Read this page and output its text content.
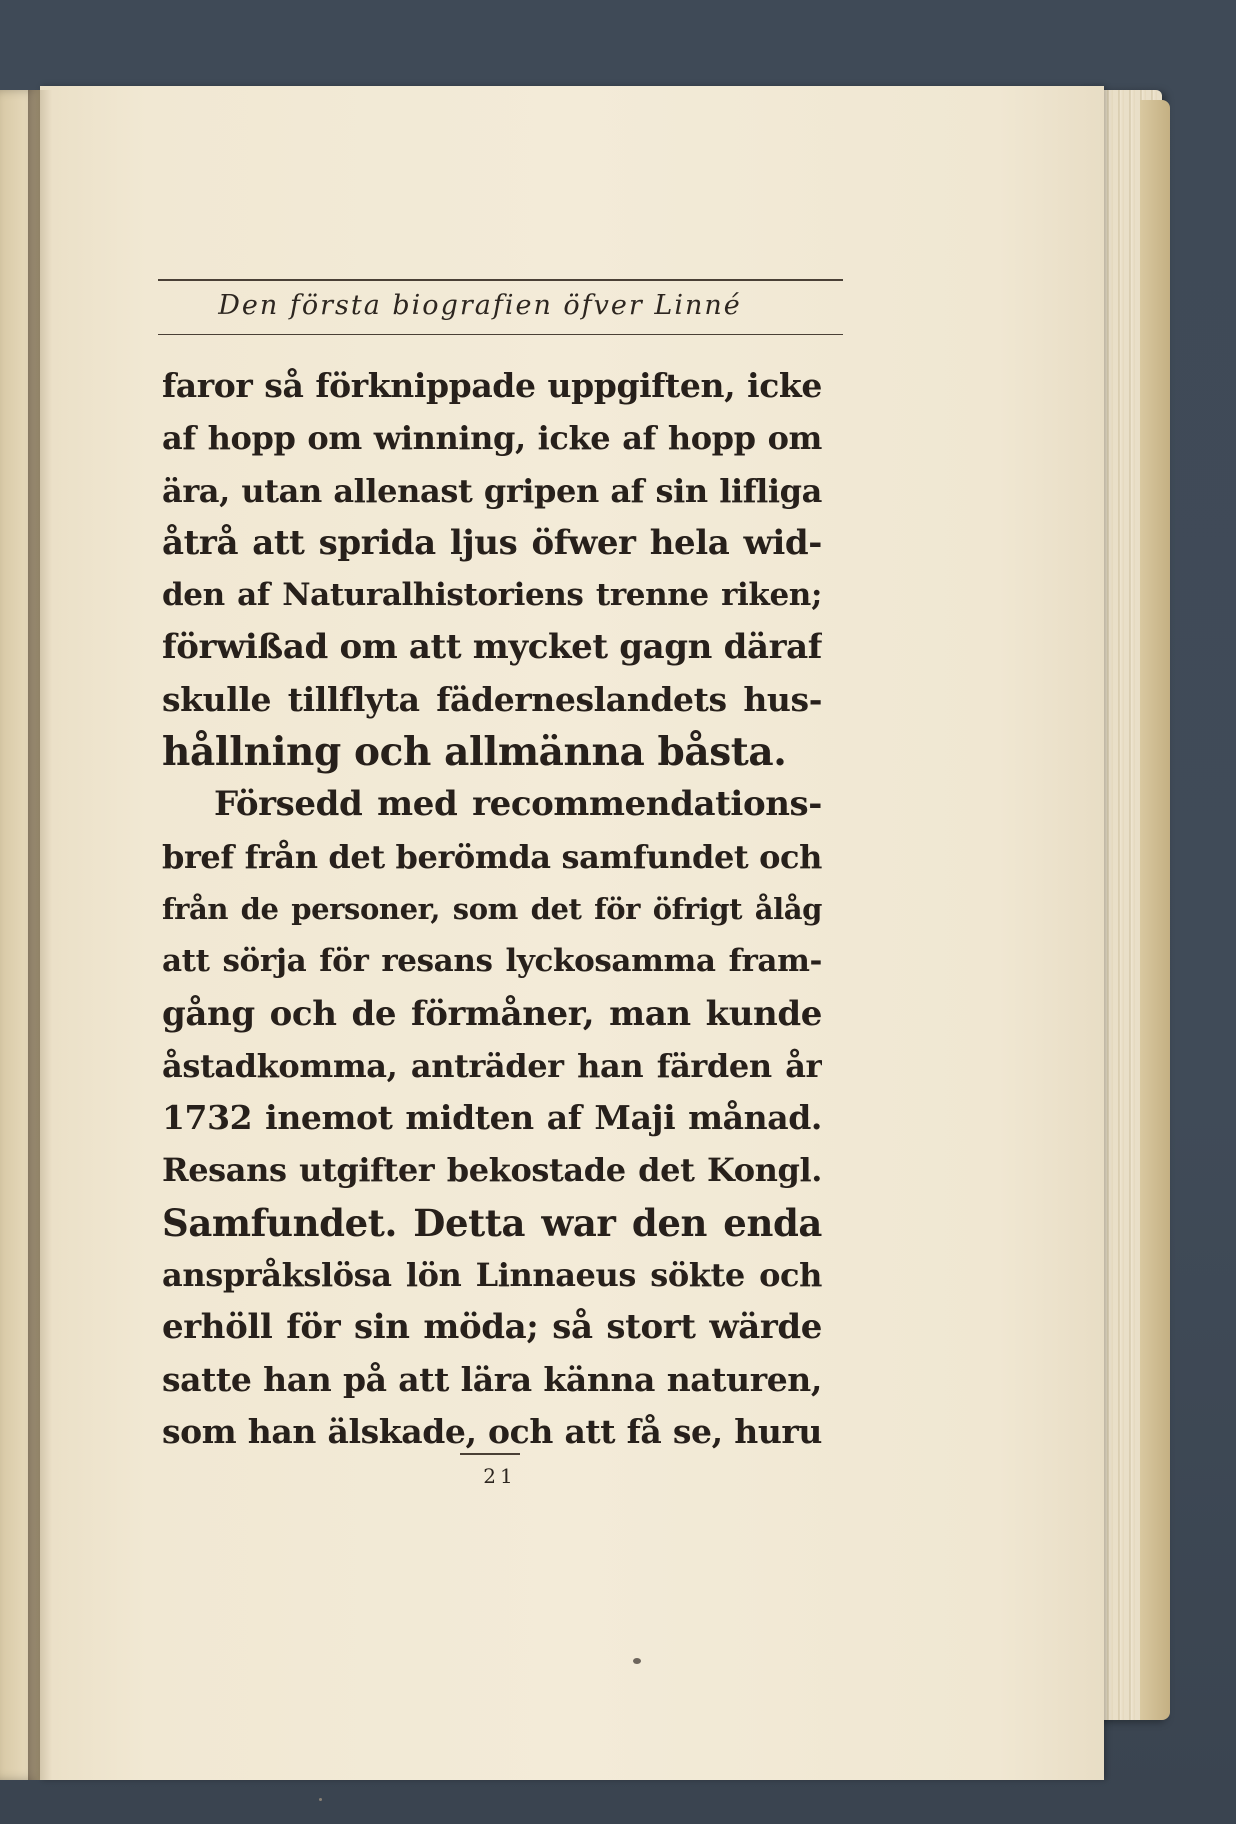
Den första biografien öfver Linné
faror så förknippade uppgiften, icke
af hopp om winning, icke af hopp om
ära, utan allenast gripen af sin lifliga
åtrå att sprida ljus öfwer hela wid-
den af Naturalhistoriens trenne riken;
förwißad om att mycket gagn däraf
skulle tillflyta fäderneslandets hus-
hållning och allmänna båsta.
Försedd med recommendations-
bref från det berömda samfundet och
från de personer, som det för öfrigt ålåg
att sörja för resans lyckosamma fram-
gång och de förmåner, man kunde
åstadkomma, anträder han färden år
1732 inemot midten af Maji månad.
Resans utgifter bekostade det Kongl.
Samfundet. Detta war den enda
anspråkslösa lön Linnaeus sökte och
erhöll för sin möda; så stort wärde
satte han på att lära känna naturen,
som han älskade, och att få se, huru
21
